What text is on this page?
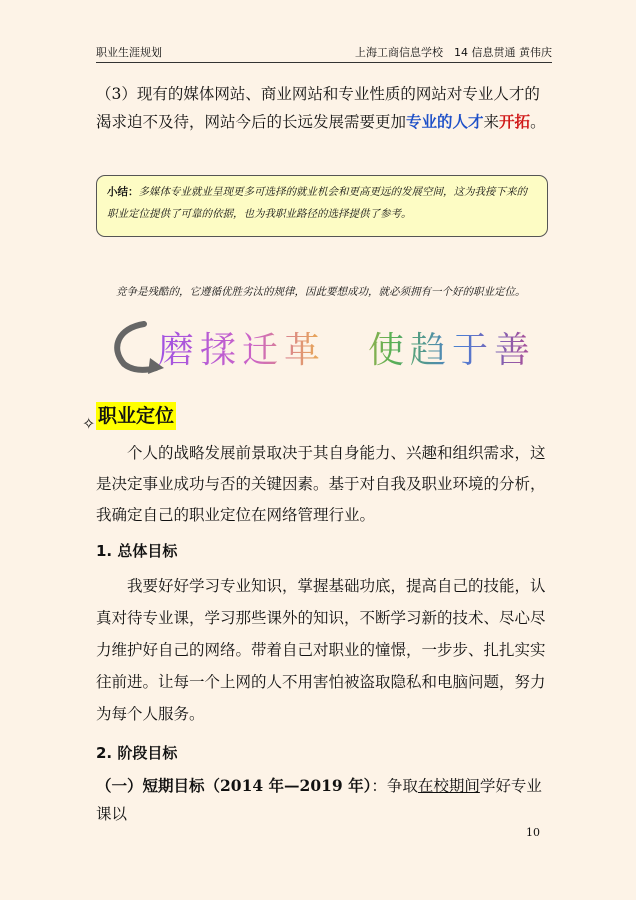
职业生涯规划	上海工商信息学校　14 信息贯通 黄伟庆
（3）现有的媒体网站、商业网站和专业性质的网站对专业人才的渴求迫不及待，网站今后的长远发展需要更加专业的人才来开拓。
小结：多媒体专业就业呈现更多可选择的就业机会和更高更远的发展空间，这为我接下来的职业定位提供了可靠的依据，也为我职业路径的选择提供了参考。
竞争是残酷的，它遵循优胜劣汰的规律，因此要想成功，就必须拥有一个好的职业定位。
磨揉迁革　使趋于善
✧ 职业定位
个人的战略发展前景取决于其自身能力、兴趣和组织需求，这是决定事业成功与否的关键因素。基于对自我及职业环境的分析，我确定自己的职业定位在网络管理行业。
1. 总体目标
我要好好学习专业知识，掌握基础功底，提高自己的技能，认真对待专业课，学习那些课外的知识，不断学习新的技术、尽心尽力维护好自己的网络。带着自己对职业的憧憬，一步步、扎扎实实往前进。让每一个上网的人不用害怕被盗取隐私和电脑问题，努力为每个人服务。
2. 阶段目标
（一）短期目标（2014 年—2019 年）：争取在校期间学好专业课以
10
